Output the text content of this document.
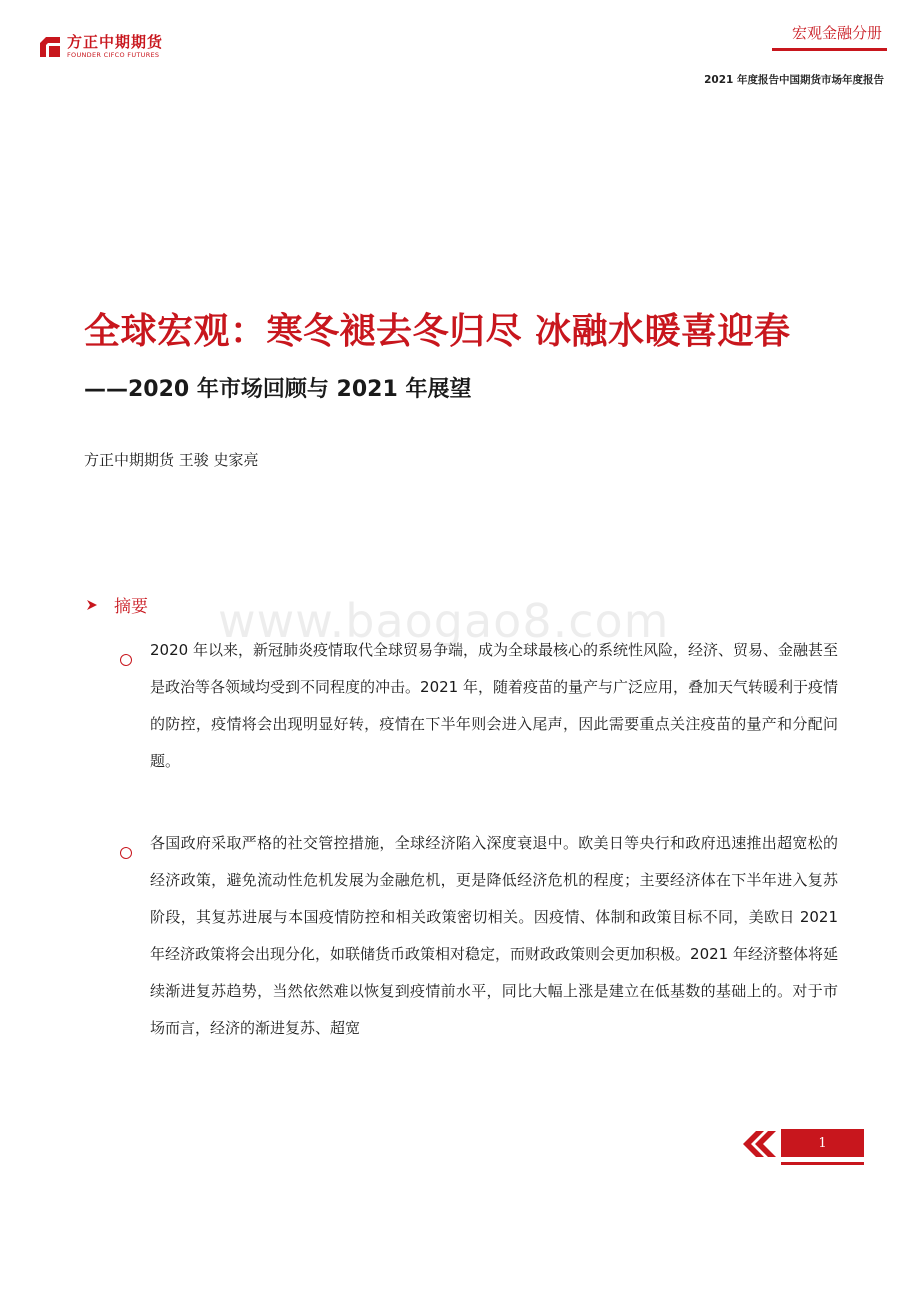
方正中期期货
FOUNDER CIFCO FUTURES
宏观金融分册
2021 年度报告中国期货市场年度报告
全球宏观：寒冬褪去冬归尽 冰融水暖喜迎春
——2020 年市场回顾与 2021 年展望
方正中期期货 王骏 史家亮
www.baogao8.com
摘要
2020 年以来，新冠肺炎疫情取代全球贸易争端，成为全球最核心的系统性风险，经济、贸易、金融甚至是政治等各领域均受到不同程度的冲击。2021 年，随着疫苗的量产与广泛应用，叠加天气转暖利于疫情的防控，疫情将会出现明显好转，疫情在下半年则会进入尾声，因此需要重点关注疫苗的量产和分配问题。
各国政府采取严格的社交管控措施，全球经济陷入深度衰退中。欧美日等央行和政府迅速推出超宽松的经济政策，避免流动性危机发展为金融危机，更是降低经济危机的程度；主要经济体在下半年进入复苏阶段，其复苏进展与本国疫情防控和相关政策密切相关。因疫情、体制和政策目标不同，美欧日 2021 年经济政策将会出现分化，如联储货币政策相对稳定，而财政政策则会更加积极。2021 年经济整体将延续渐进复苏趋势，当然依然难以恢复到疫情前水平，同比大幅上涨是建立在低基数的基础上的。对于市场而言，经济的渐进复苏、超宽
1
